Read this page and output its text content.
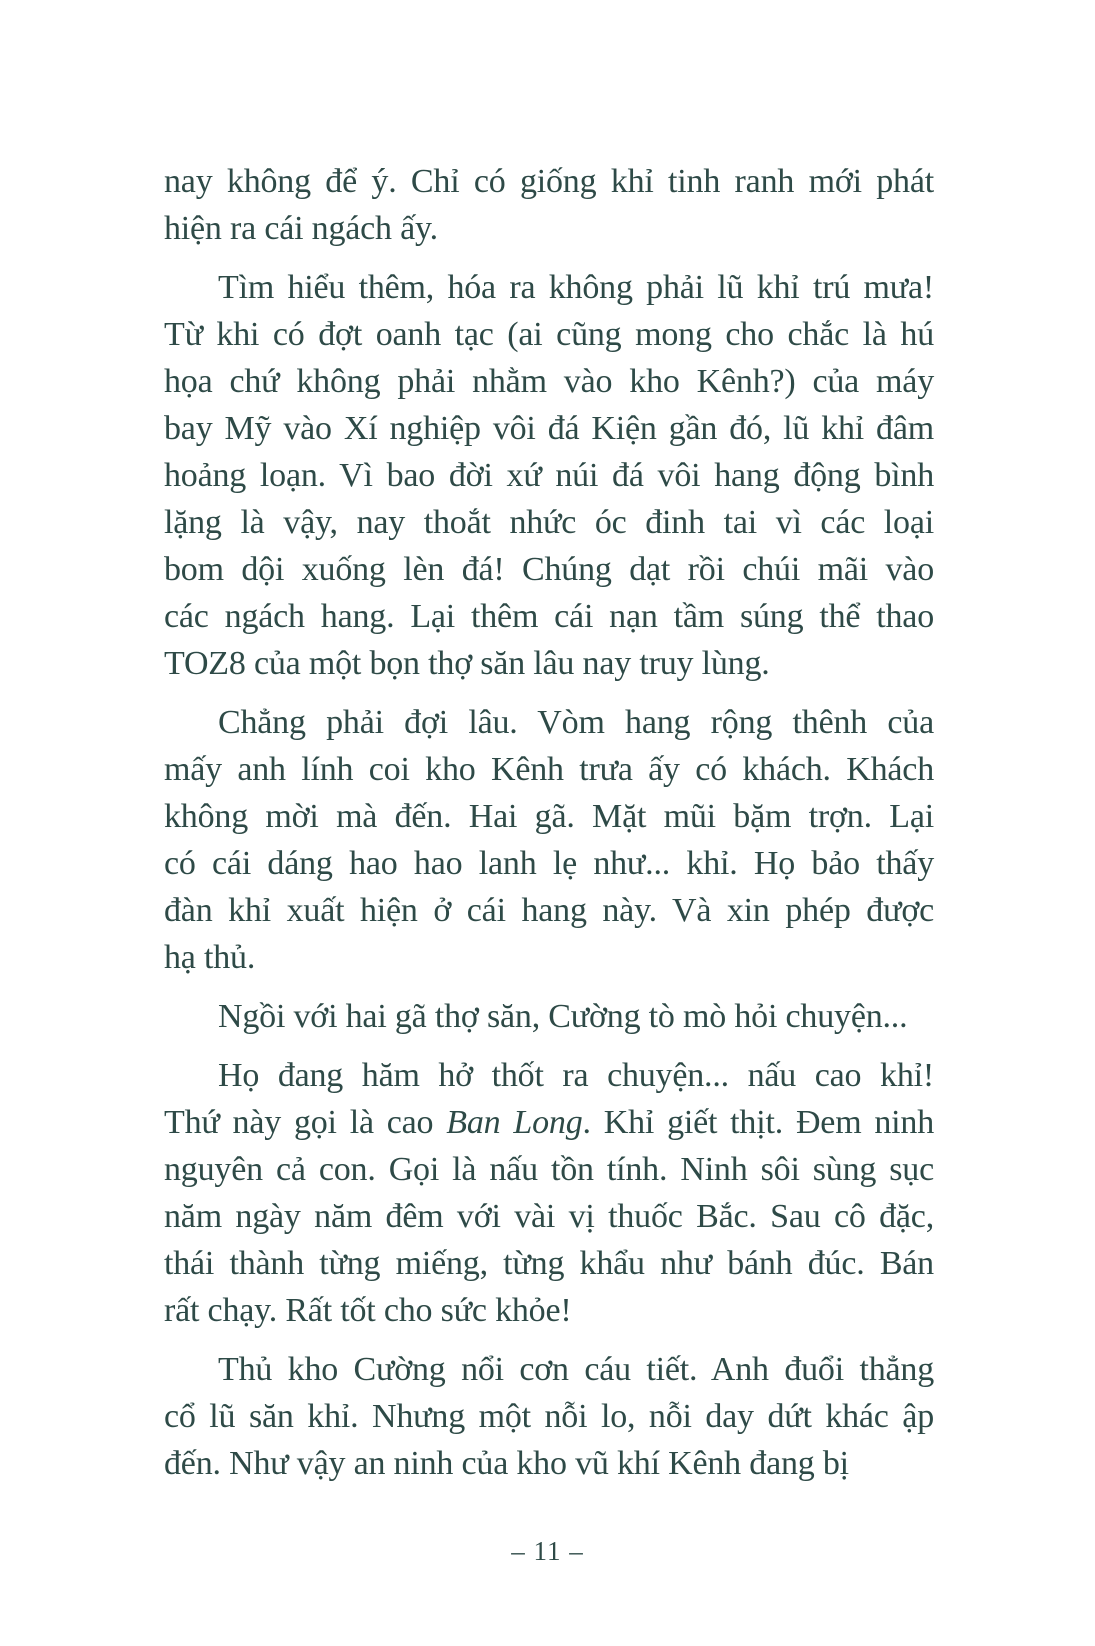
nay không để ý. Chỉ có giống khỉ tinh ranh mới phát
hiện ra cái ngách ấy.
Tìm hiểu thêm, hóa ra không phải lũ khỉ trú mưa!
Từ khi có đợt oanh tạc (ai cũng mong cho chắc là hú
họa chứ không phải nhằm vào kho Kênh?) của máy
bay Mỹ vào Xí nghiệp vôi đá Kiện gần đó, lũ khỉ đâm
hoảng loạn. Vì bao đời xứ núi đá vôi hang động bình
lặng là vậy, nay thoắt nhức óc đinh tai vì các loại
bom dội xuống lèn đá! Chúng dạt rồi chúi mãi vào
các ngách hang. Lại thêm cái nạn tầm súng thể thao
TOZ8 của một bọn thợ săn lâu nay truy lùng.
Chẳng phải đợi lâu. Vòm hang rộng thênh của
mấy anh lính coi kho Kênh trưa ấy có khách. Khách
không mời mà đến. Hai gã. Mặt mũi bặm trợn. Lại
có cái dáng hao hao lanh lẹ như... khỉ. Họ bảo thấy
đàn khỉ xuất hiện ở cái hang này. Và xin phép được
hạ thủ.
Ngồi với hai gã thợ săn, Cường tò mò hỏi chuyện...
Họ đang hăm hở thốt ra chuyện... nấu cao khỉ!
Thứ này gọi là cao Ban Long. Khỉ giết thịt. Đem ninh
nguyên cả con. Gọi là nấu tồn tính. Ninh sôi sùng sục
năm ngày năm đêm với vài vị thuốc Bắc. Sau cô đặc,
thái thành từng miếng, từng khẩu như bánh đúc. Bán
rất chạy. Rất tốt cho sức khỏe!
Thủ kho Cường nổi cơn cáu tiết. Anh đuổi thẳng
cổ lũ săn khỉ. Nhưng một nỗi lo, nỗi day dứt khác ập
đến. Như vậy an ninh của kho vũ khí Kênh đang bị
– 11 –
